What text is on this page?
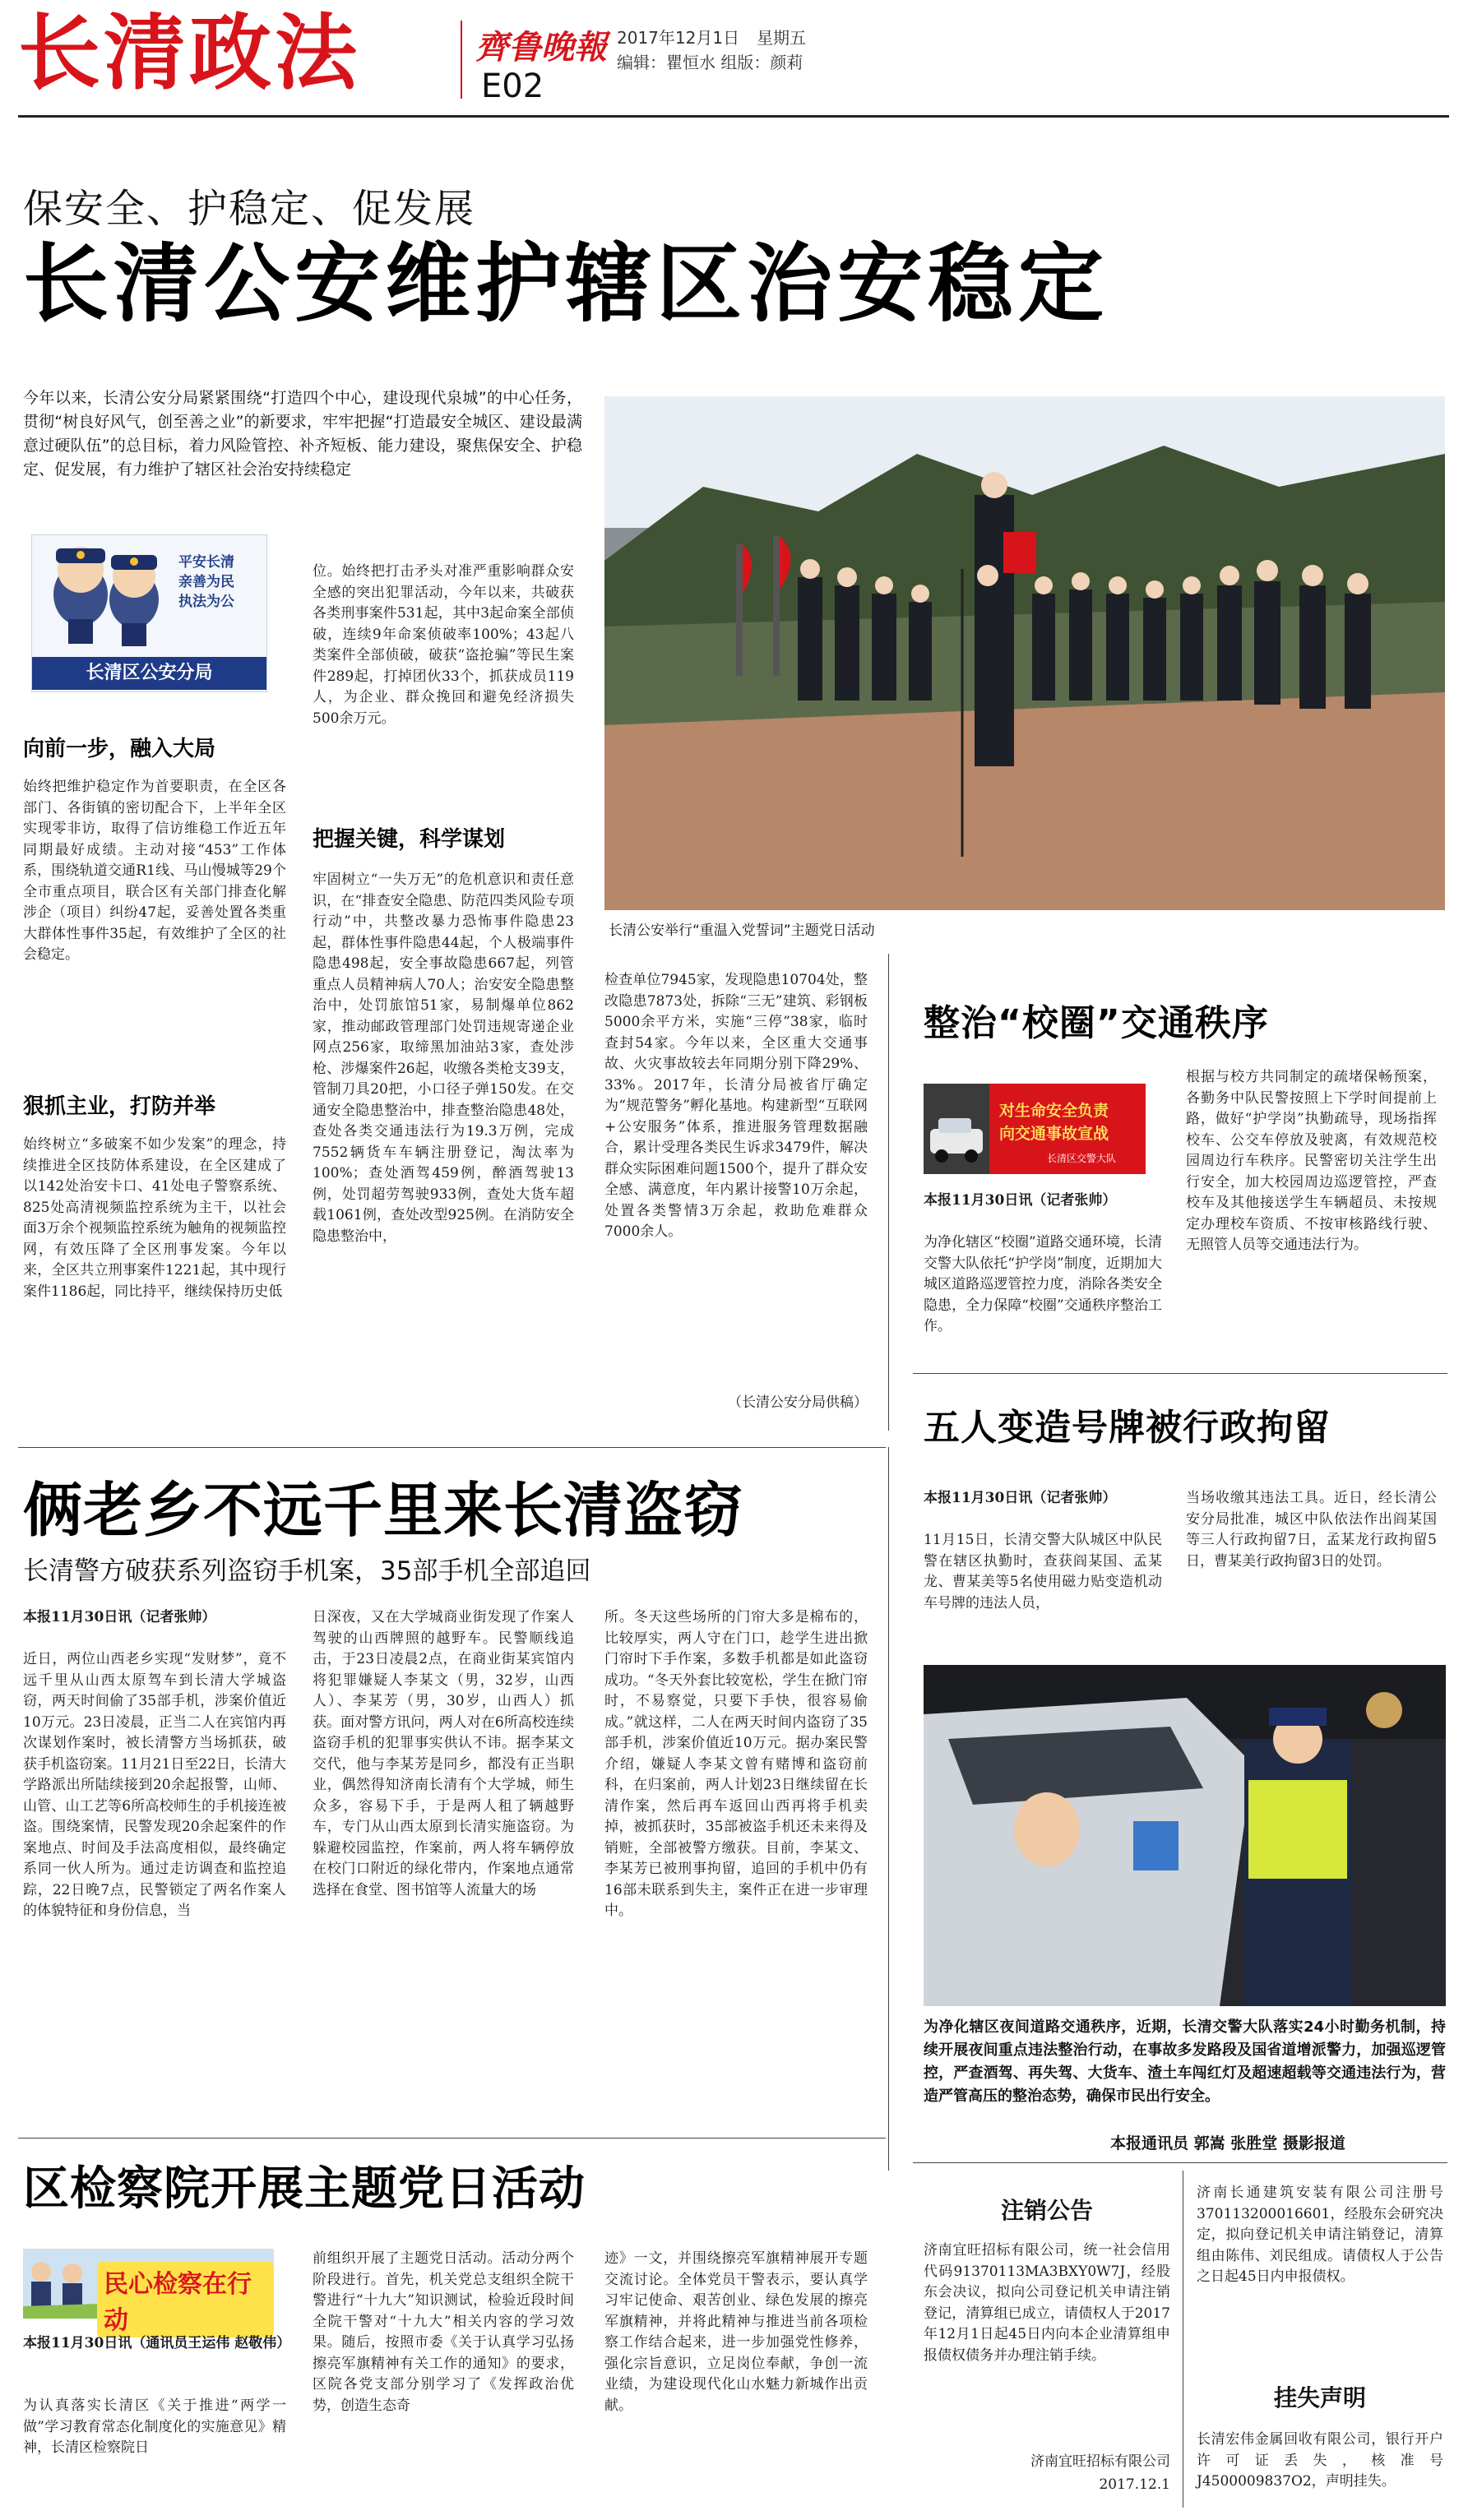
长清政法	齊鲁晚報 2017年12月1日 星期五
编辑：瞿恒水 组版：颜莉
E02
保安全、护稳定、促发展
长清公安维护辖区治安稳定
今年以来，长清公安分局紧紧围绕“打造四个中心，建设现代泉城”的中心任务，贯彻“树良好风气，创至善之业”的新要求，牢牢把握“打造最安全城区、建设最满意过硬队伍”的总目标，着力风险管控、补齐短板、能力建设，聚焦保安全、护稳定、促发展，有力维护了辖区社会治安持续稳定
平安长清
亲善为民
执法为公
长清区公安分局
向前一步，融入大局
始终把维护稳定作为首要职责，在全区各部门、各街镇的密切配合下，上半年全区实现零非访，取得了信访维稳工作近五年同期最好成绩。主动对接“453”工作体系，围绕轨道交通R1线、马山慢城等29个全市重点项目，联合区有关部门排查化解涉企（项目）纠纷47起，妥善处置各类重大群体性事件35起，有效维护了全区的社会稳定。
狠抓主业，打防并举
始终树立“多破案不如少发案”的理念，持续推进全区技防体系建设，在全区建成了以142处治安卡口、41处电子警察系统、825处高清视频监控系统为主干，以社会面3万余个视频监控系统为触角的视频监控网，有效压降了全区刑事发案。今年以来，全区共立刑事案件1221起，其中现行案件1186起，同比持平，继续保持历史低
位。始终把打击矛头对准严重影响群众安全感的突出犯罪活动，今年以来，共破获各类刑事案件531起，其中3起命案全部侦破，连续9年命案侦破率100%；43起八类案件全部侦破，破获“盗抢骗”等民生案件289起，打掉团伙33个，抓获成员119人，为企业、群众挽回和避免经济损失500余万元。
把握关键，科学谋划
牢固树立“一失万无”的危机意识和责任意识，在“排查安全隐患、防范四类风险专项行动”中，共整改暴力恐怖事件隐患23起，群体性事件隐患44起，个人极端事件隐患498起，安全事故隐患667起，列管重点人员精神病人70人；治安安全隐患整治中，处罚旅馆51家，易制爆单位862家，推动邮政管理部门处罚违规寄递企业网点256家，取缔黑加油站3家，查处涉枪、涉爆案件26起，收缴各类枪支39支，管制刀具20把，小口径子弹150发。在交通安全隐患整治中，排查整治隐患48处，查处各类交通违法行为19.3万例，完成7552辆货车车辆注册登记，淘汰率为100%；查处酒驾459例，醉酒驾驶13例，处罚超劳驾驶933例，查处大货车超载1061例，查处改型925例。在消防安全隐患整治中，
长清公安举行“重温入党誓词”主题党日活动
检查单位7945家，发现隐患10704处，整改隐患7873处，拆除“三无”建筑、彩钢板5000余平方米，实施“三停”38家，临时查封54家。今年以来，全区重大交通事故、火灾事故较去年同期分别下降29%、33%。2017年，长清分局被省厅确定为“规范警务”孵化基地。构建新型“互联网+公安服务”体系，推进服务管理数据融合，累计受理各类民生诉求3479件，解决群众实际困难问题1500个，提升了群众安全感、满意度，年内累计接警10万余起，处置各类警情3万余起，救助危难群众7000余人。
（长清公安分局供稿）
整治“校圈”交通秩序
对生命安全负责
向交通事故宣战
长清区交警大队
本报11月30日讯（记者张帅）
为净化辖区“校圈”道路交通环境，长清交警大队依托“护学岗”制度，近期加大城区道路巡逻管控力度，消除各类安全隐患，全力保障“校圈”交通秩序整治工作。
根据与校方共同制定的疏堵保畅预案，各勤务中队民警按照上下学时间提前上路，做好“护学岗”执勤疏导，现场指挥校车、公交车停放及驶离，有效规范校园周边行车秩序。民警密切关注学生出行安全，加大校园周边巡逻管控，严查校车及其他接送学生车辆超员、未按规定办理校车资质、不按审核路线行驶、无照管人员等交通违法行为。
五人变造号牌被行政拘留
本报11月30日讯（记者张帅）
11月15日，长清交警大队城区中队民警在辖区执勤时，查获阎某国、孟某龙、曹某美等5名使用磁力贴变造机动车号牌的违法人员，
当场收缴其违法工具。近日，经长清公安分局批准，城区中队依法作出阎某国等三人行政拘留7日，孟某龙行政拘留5日，曹某美行政拘留3日的处罚。
为净化辖区夜间道路交通秩序，近期，长清交警大队落实24小时勤务机制，持续开展夜间重点违法整治行动，在事故多发路段及国省道增派警力，加强巡逻管控，严查酒驾、再失驾、大货车、渣土车闯红灯及超速超载等交通违法行为，营造严管高压的整治态势，确保市民出行安全。
本报通讯员 郭嵩 张胜堂 摄影报道
俩老乡不远千里来长清盗窃
长清警方破获系列盗窃手机案，35部手机全部追回
本报11月30日讯（记者张帅）
近日，两位山西老乡实现“发财梦”，竟不远千里从山西太原驾车到长清大学城盗窃，两天时间偷了35部手机，涉案价值近10万元。23日凌晨，正当二人在宾馆内再次谋划作案时，被长清警方当场抓获，破获手机盗窃案。11月21日至22日，长清大学路派出所陆续接到20余起报警，山师、山管、山工艺等6所高校师生的手机接连被盗。围绕案情，民警发现20余起案件的作案地点、时间及手法高度相似，最终确定系同一伙人所为。通过走访调查和监控追踪，22日晚7点，民警锁定了两名作案人的体貌特征和身份信息，当
日深夜，又在大学城商业街发现了作案人驾驶的山西牌照的越野车。民警顺线追击，于23日凌晨2点，在商业街某宾馆内将犯罪嫌疑人李某文（男，32岁，山西人）、李某芳（男，30岁，山西人）抓获。面对警方讯问，两人对在6所高校连续盗窃手机的犯罪事实供认不讳。据李某文交代，他与李某芳是同乡，都没有正当职业，偶然得知济南长清有个大学城，师生众多，容易下手，于是两人租了辆越野车，专门从山西太原到长清实施盗窃。为躲避校园监控，作案前，两人将车辆停放在校门口附近的绿化带内，作案地点通常选择在食堂、图书馆等人流量大的场
所。冬天这些场所的门帘大多是棉布的，比较厚实，两人守在门口，趁学生进出掀门帘时下手作案，多数手机都是如此盗窃成功。“冬天外套比较宽松，学生在掀门帘时，不易察觉，只要下手快，很容易偷成。”就这样，二人在两天时间内盗窃了35部手机，涉案价值近10万元。据办案民警介绍，嫌疑人李某文曾有赌博和盗窃前科，在归案前，两人计划23日继续留在长清作案，然后再车返回山西再将手机卖掉，被抓获时，35部被盗手机还未来得及销赃，全部被警方缴获。目前，李某文、李某芳已被刑事拘留，追回的手机中仍有16部未联系到失主，案件正在进一步审理中。
区检察院开展主题党日活动
民心检察在行动
本报11月30日讯（通讯员王运伟 赵敬伟）
为认真落实长清区《关于推进“两学一做”学习教育常态化制度化的实施意见》精神，长清区检察院日
前组织开展了主题党日活动。活动分两个阶段进行。首先，机关党总支组织全院干警进行“十九大”知识测试，检验近段时间全院干警对“十九大”相关内容的学习效果。随后，按照市委《关于认真学习弘扬擦亮军旗精神有关工作的通知》的要求，区院各党支部分别学习了《发挥政治优势，创造生态奇
迹》一文，并围绕擦亮军旗精神展开专题交流讨论。全体党员干警表示，要认真学习牢记使命、艰苦创业、绿色发展的擦亮军旗精神，并将此精神与推进当前各项检察工作结合起来，进一步加强党性修养，强化宗旨意识，立足岗位奉献，争创一流业绩，为建设现代化山水魅力新城作出贡献。
注销公告
济南宜旺招标有限公司，统一社会信用代码91370113MA3BXY0W7J，经股东会决议，拟向公司登记机关申请注销登记，清算组已成立，请债权人于2017年12月1日起45日内向本企业清算组申报债权债务并办理注销手续。
济南宜旺招标有限公司
2017.12.1
济南长通建筑安装有限公司注册号370113200016601，经股东会研究决定，拟向登记机关申请注销登记，清算组由陈伟、刘民组成。请债权人于公告之日起45日内申报债权。
挂失声明
长清宏伟金属回收有限公司，银行开户许可证丢失，核准号J4500009837O2，声明挂失。
